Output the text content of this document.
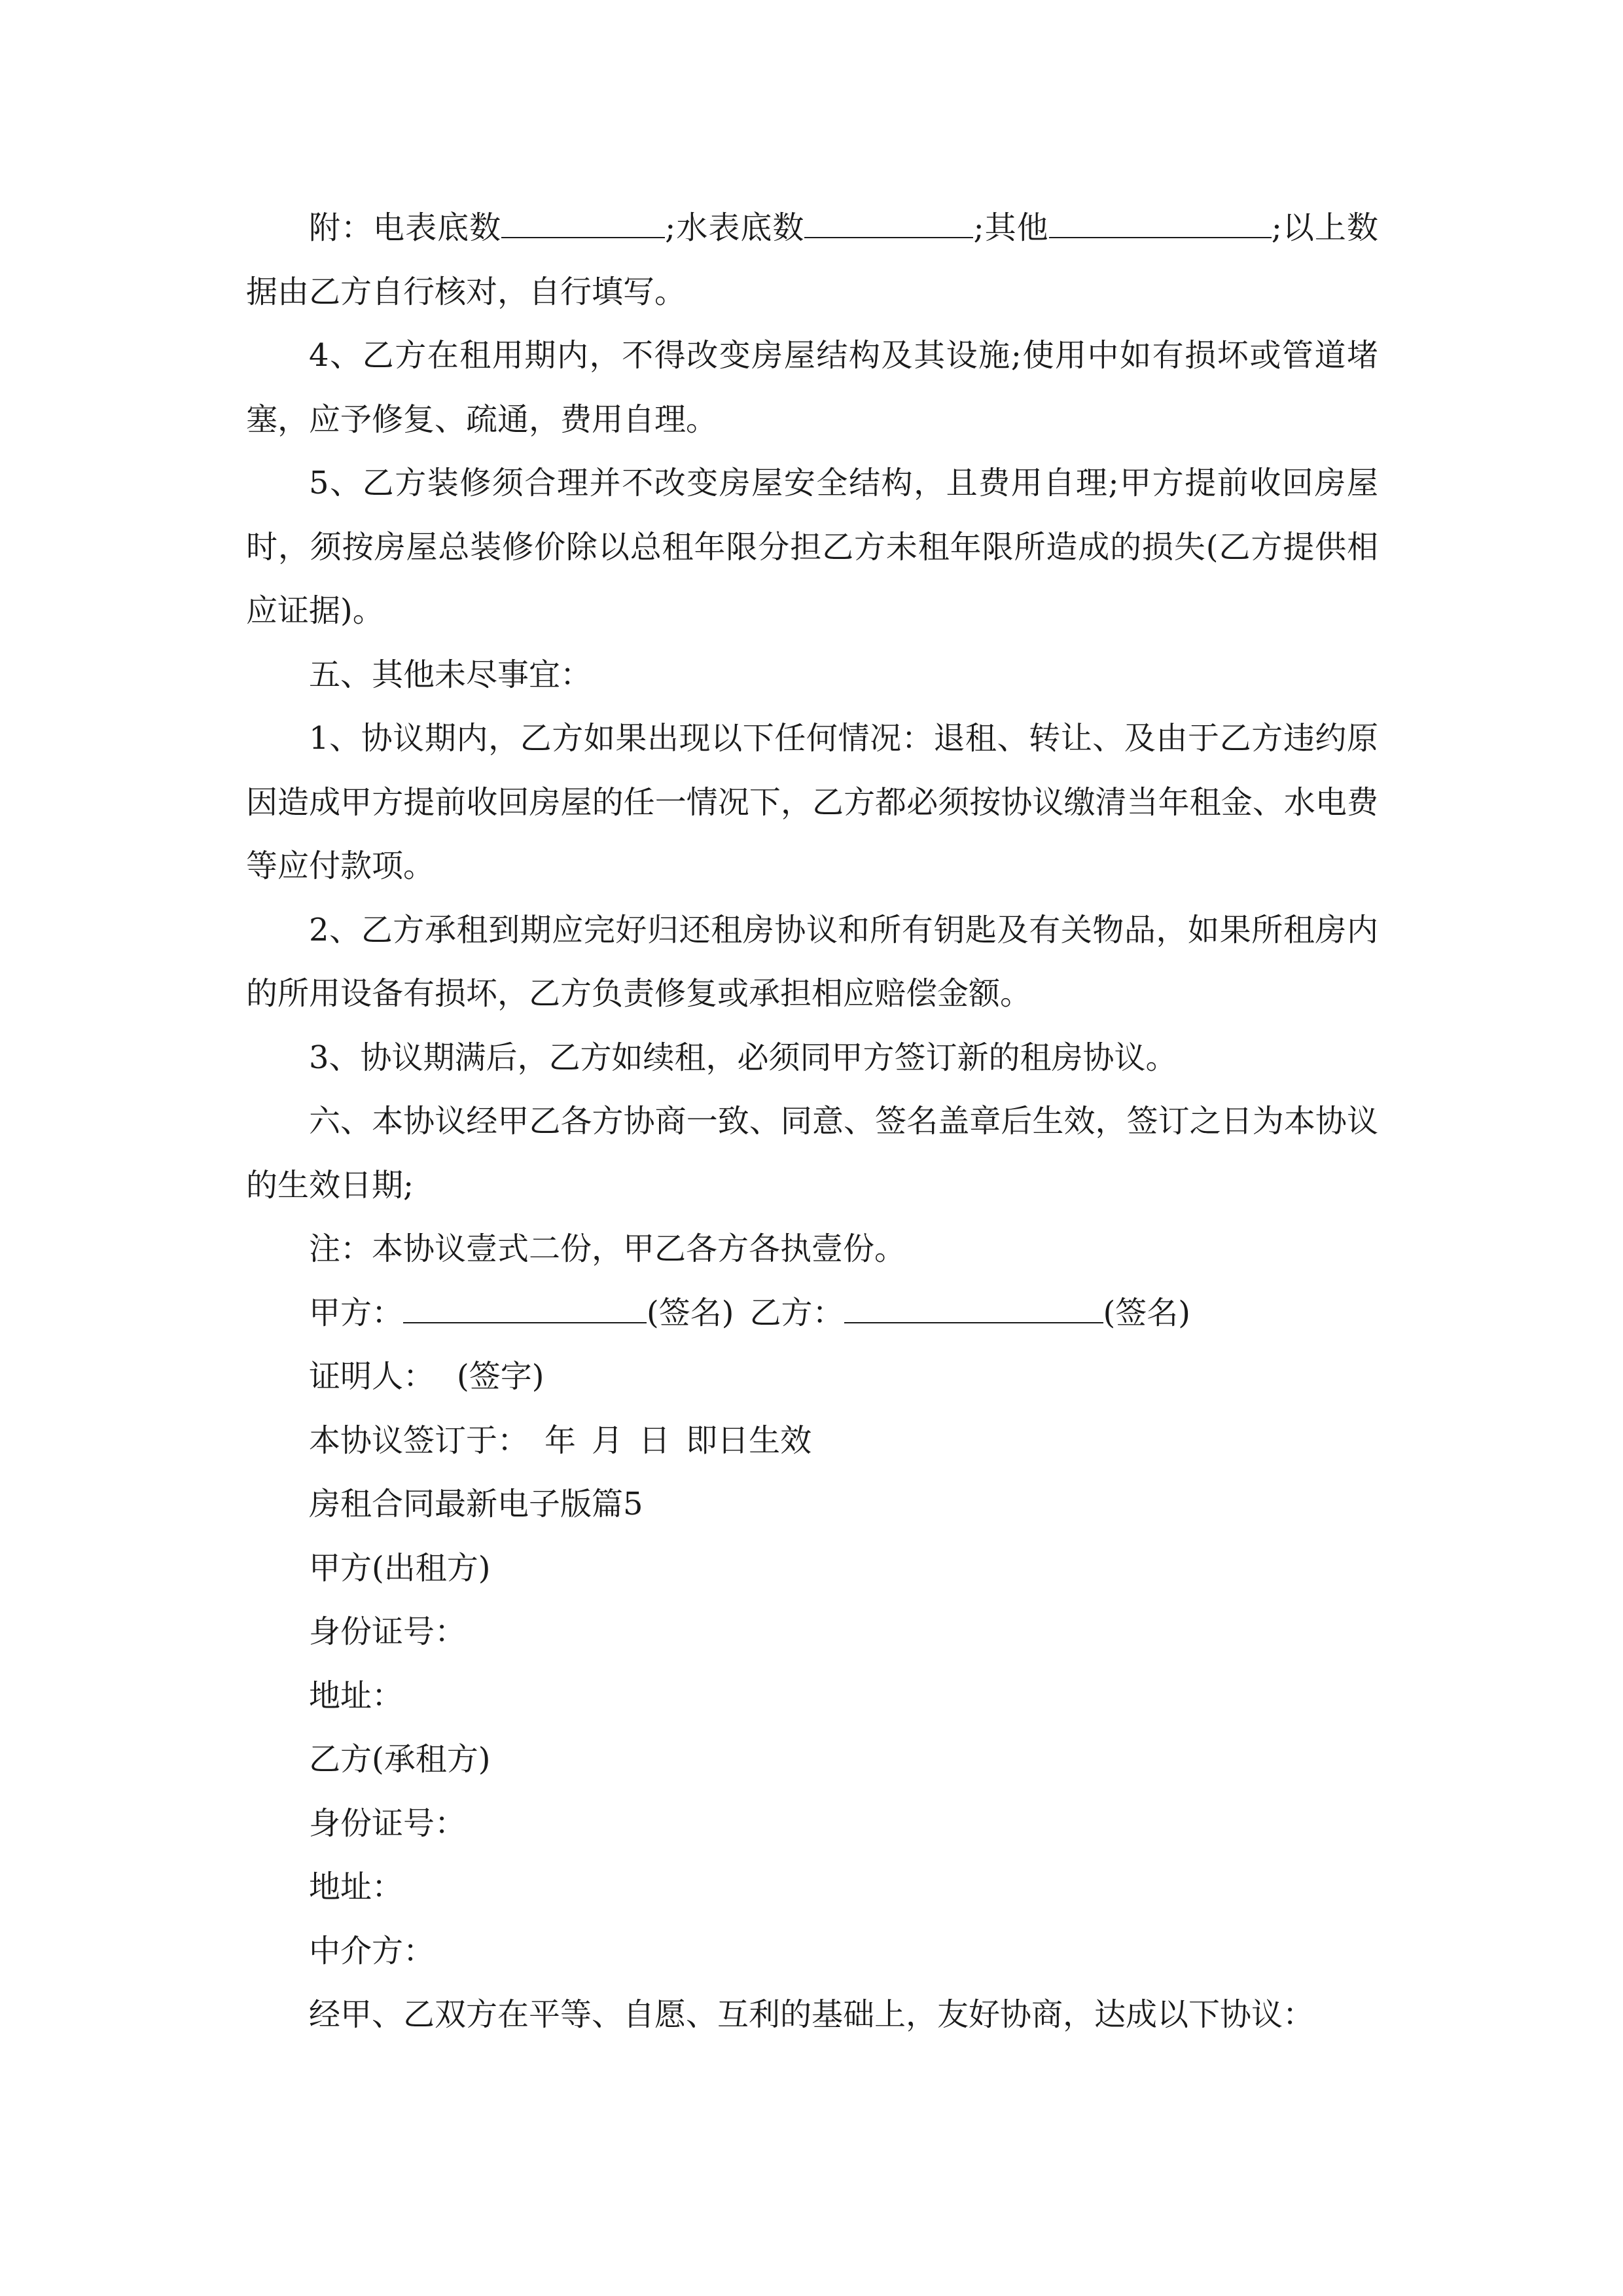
附：电表底数	;水表底数	;其他	;以上数据由乙方自行核对，自行填写。

4、乙方在租用期内，不得改变房屋结构及其设施;使用中如有损坏或管道堵塞，应予修复、疏通，费用自理。

5、乙方装修须合理并不改变房屋安全结构，且费用自理;甲方提前收回房屋时，须按房屋总装修价除以总租年限分担乙方未租年限所造成的损失(乙方提供相应证据)。

五、其他未尽事宜：

1、协议期内，乙方如果出现以下任何情况：退租、转让、及由于乙方违约原因造成甲方提前收回房屋的任一情况下，乙方都必须按协议缴清当年租金、水电费等应付款项。

2、乙方承租到期应完好归还租房协议和所有钥匙及有关物品，如果所租房内的所用设备有损坏，乙方负责修复或承担相应赔偿金额。

3、协议期满后，乙方如续租，必须同甲方签订新的租房协议。

六、本协议经甲乙各方协商一致、同意、签名盖章后生效，签订之日为本协议的生效日期;

注：本协议壹式二份，甲乙各方各执壹份。

甲方：	(签名) 乙方：	(签名)

证明人： (签字)

本协议签订于： 年 月 日 即日生效

房租合同最新电子版篇5

甲方(出租方)

身份证号：

地址：

乙方(承租方)

身份证号：

地址：

中介方：

经甲、乙双方在平等、自愿、互利的基础上，友好协商，达成以下协议：
